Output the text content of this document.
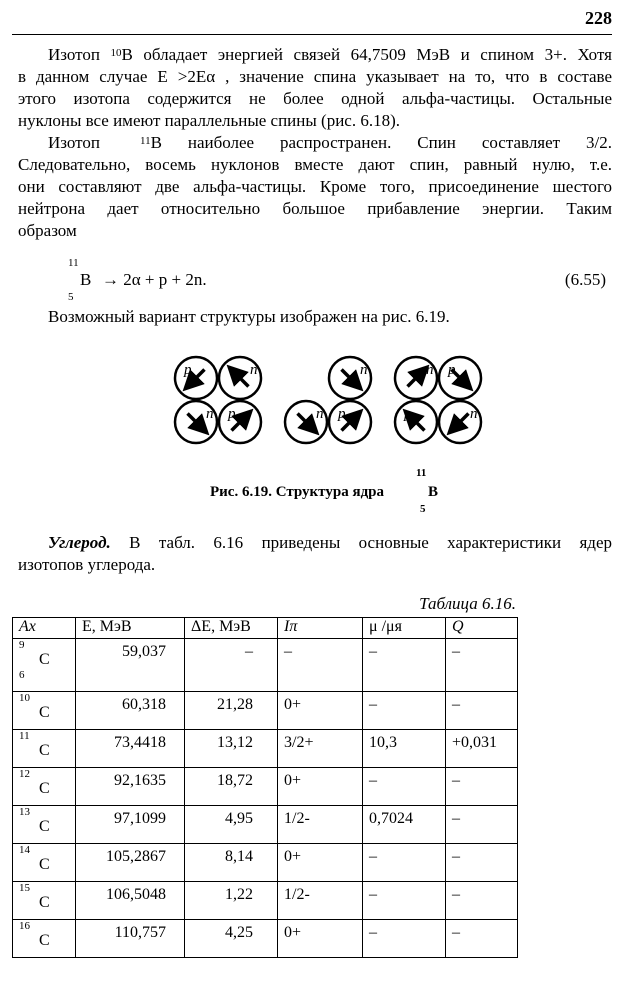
228
Изотоп $^{10}$B обладает энергией связей 64,7509 МэВ и спином 3+. Хотя
в данном случае E >2Eα , значение спина указывает на то, что в составе
этого изотопа содержится не более одной альфа-частицы. Остальные
нуклоны все имеют параллельные спины (рис. 6.18).
Изотоп	$^{11}$B наиболее распространен. Спин составляет 3/2.
Следовательно, восемь нуклонов вместе дают спин, равный нулю, т.е.
они составляют две альфа-частицы. Кроме того, присоединение шестого
нейтрона дает относительно большое прибавление энергии. Таким
образом
11
B
5
→ 2α + p + 2n.	(6.55)
Возможный вариант структуры изображен на рис. 6.19.
p	n
n p	n
n
p
n p
p	n
Рис. 6.19. Структура ядра
11
B
5
Углерод. В табл. 6.16 приведены основные характеристики ядер
изотопов углерода.
Таблица 6.16.
Ax	E, МэВ	ΔE, МэВ	Iπ	μ /μя	Q

9
C
6	59,037	–	–	–	–

10
C	60,318	21,28	0+	–	–

11
C	73,4418	13,12	3/2+	10,3	+0,031

12
C	92,1635	18,72	0+	–	–

13
C	97,1099	4,95	1/2-	0,7024	–

14
C	105,2867	8,14	0+	–	–

15
C	106,5048	1,22	1/2-	–	–

16
C	110,757	4,25	0+	–	–
